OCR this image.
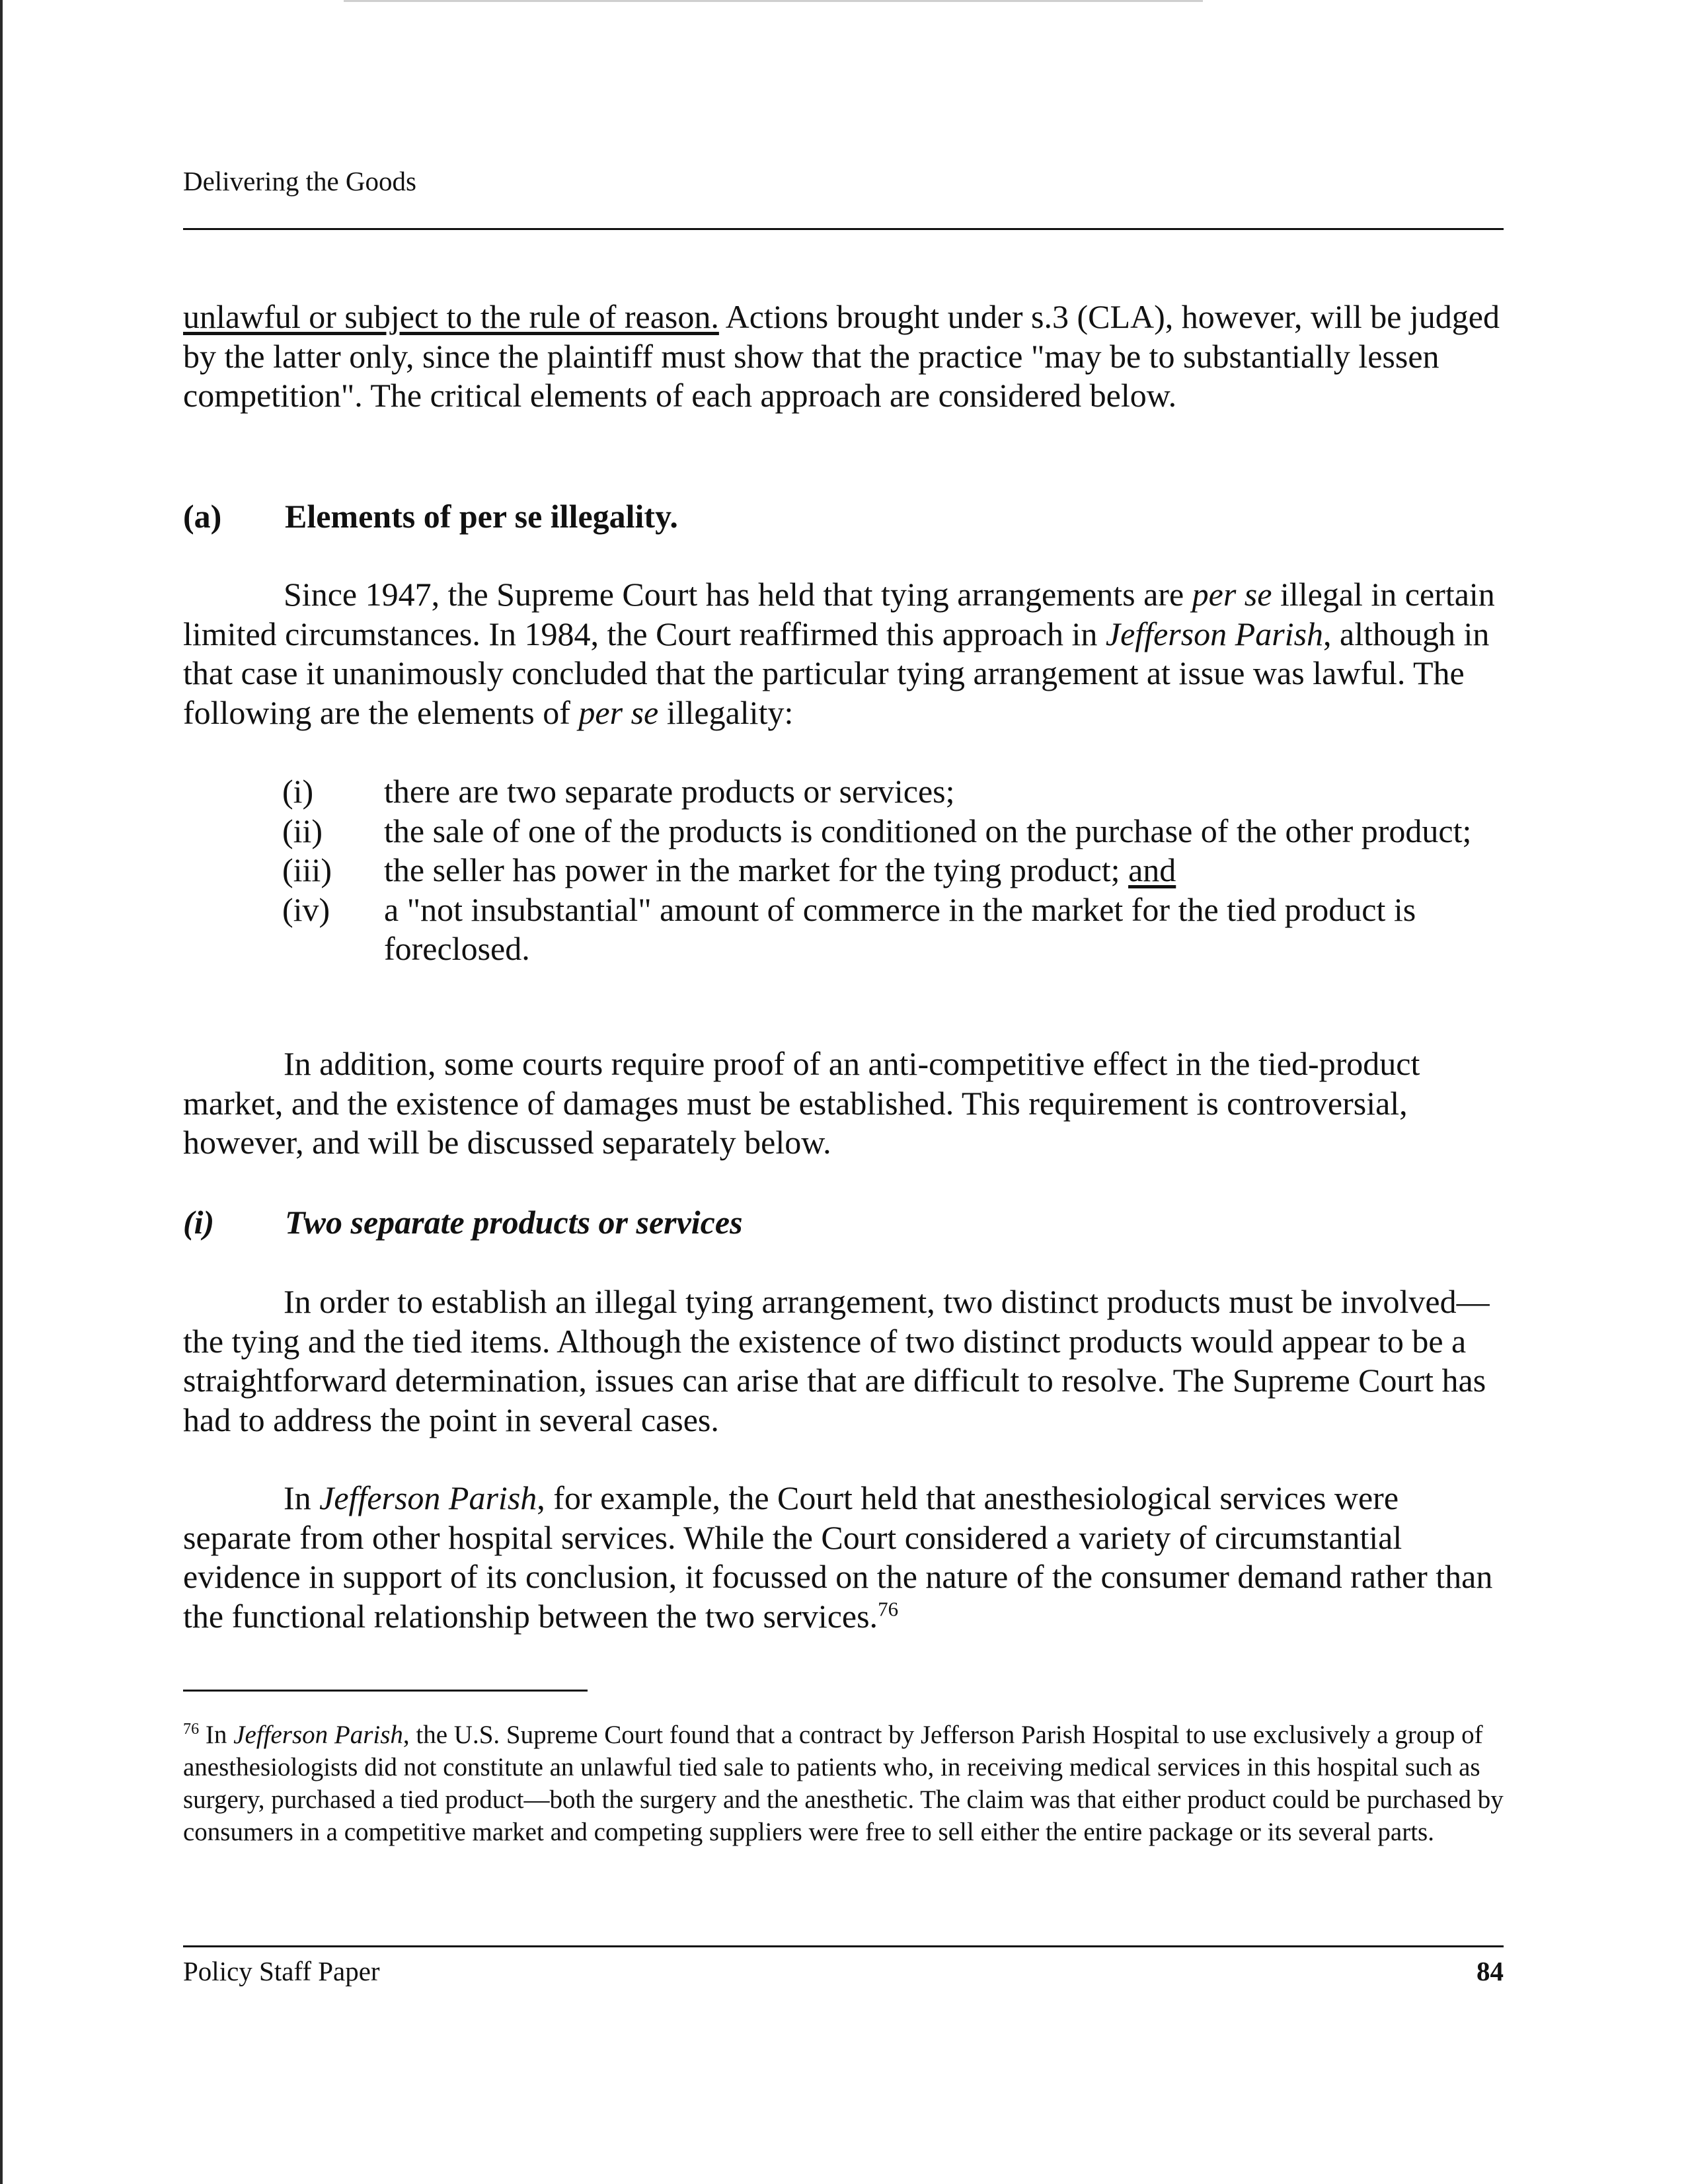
Delivering the Goods

unlawful or subject to the rule of reason. Actions brought under s.3 (CLA), however, will be judged by the latter only, since the plaintiff must show that the practice "may be to substantially lessen competition". The critical elements of each approach are considered below.

(a) Elements of per se illegality.

Since 1947, the Supreme Court has held that tying arrangements are per se illegal in certain limited circumstances. In 1984, the Court reaffirmed this approach in Jefferson Parish, although in that case it unanimously concluded that the particular tying arrangement at issue was lawful. The following are the elements of per se illegality:

(i)	there are two separate products or services;
(ii)	the sale of one of the products is conditioned on the purchase of the other product;
(iii)	the seller has power in the market for the tying product; and
(iv)	a "not insubstantial" amount of commerce in the market for the tied product is foreclosed.

In addition, some courts require proof of an anti-competitive effect in the tied-product market, and the existence of damages must be established. This requirement is controversial, however, and will be discussed separately below.

(i) Two separate products or services

In order to establish an illegal tying arrangement, two distinct products must be involved—the tying and the tied items. Although the existence of two distinct products would appear to be a straightforward determination, issues can arise that are difficult to resolve. The Supreme Court has had to address the point in several cases.

In Jefferson Parish, for example, the Court held that anesthesiological services were separate from other hospital services. While the Court considered a variety of circumstantial evidence in support of its conclusion, it focussed on the nature of the consumer demand rather than the functional relationship between the two services.$^{76}$

$^{76}$ In Jefferson Parish, the U.S. Supreme Court found that a contract by Jefferson Parish Hospital to use exclusively a group of anesthesiologists did not constitute an unlawful tied sale to patients who, in receiving medical services in this hospital such as surgery, purchased a tied product—both the surgery and the anesthetic. The claim was that either product could be purchased by consumers in a competitive market and competing suppliers were free to sell either the entire package or its several parts.

Policy Staff Paper	84
